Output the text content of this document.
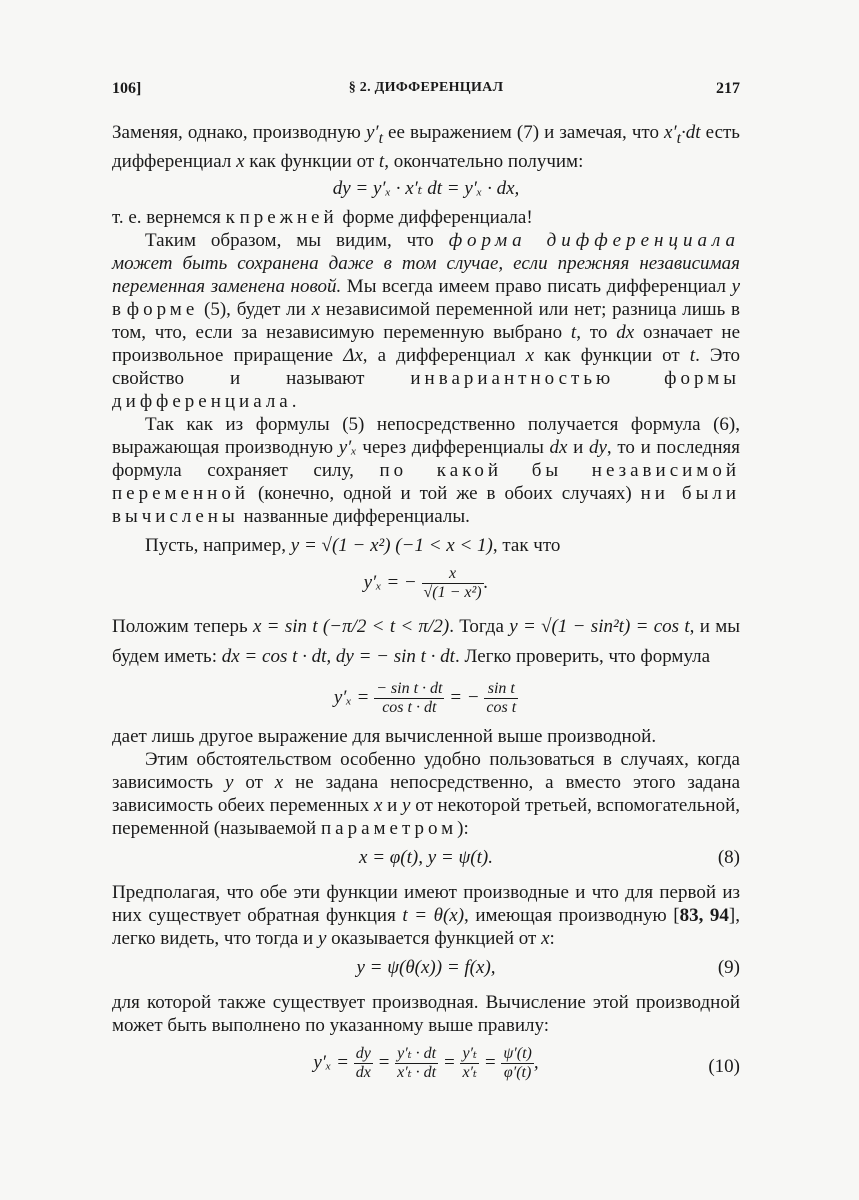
106]	§ 2. ДИФФЕРЕНЦИАЛ	217

Заменяя, однако, производную $y'_t$ ее выражением (7) и замечая, что $x'_t\cdot dt$ есть дифференциал x как функции от t, окончательно получим:

dy = y′ₓ · x′ₜ dt = y′ₓ · dx,

т. е. вернемся к прежней форме дифференциала!

Таким образом, мы видим, что форма дифференциала может быть сохранена даже в том случае, если прежняя независимая переменная заменена новой. Мы всегда имеем право писать дифференциал y в форме (5), будет ли x независимой переменной или нет; разница лишь в том, что, если за независимую переменную выбрано t, то dx означает не произвольное приращение Δx, а дифференциал x как функции от t. Это свойство и называют инвариантностью формы дифференциала.

Так как из формулы (5) непосредственно получается формула (6), выражающая производную y′ₓ через дифференциалы dx и dy, то и последняя формула сохраняет силу, по какой бы независимой переменной (конечно, одной и той же в обоих случаях) ни были вычислены названные дифференциалы.

Пусть, например, y = √(1 − x²) (−1 < x < 1), так что

y′ₓ = − $\frac{x}{\text{√(1 − x²)}}$ .

Положим теперь x = sin t (−π/2 < t < π/2). Тогда y = √(1 − sin²t) = cos t, и мы будем иметь: dx = cos t · dt, dy = − sin t · dt. Легко проверить, что формула

$y'_x = \frac{\text{− sin t · dt}}{\text{cos t · dt}}$ = − $\frac{\text{sin t}}{\text{cos t}}$

дает лишь другое выражение для вычисленной выше производной.

Этим обстоятельством особенно удобно пользоваться в случаях, когда зависимость y от x не задана непосредственно, а вместо этого задана зависимость обеих переменных x и y от некоторой третьей, вспомогательной, переменной (называемой параметром):

x = φ(t), y = ψ(t).	(8)

Предполагая, что обе эти функции имеют производные и что для первой из них существует обратная функция t = θ(x), имеющая производную [83, 94], легко видеть, что тогда и y оказывается функцией от x:

y = ψ(θ(x)) = f(x),	(9)

для которой также существует производная. Вычисление этой производной может быть выполнено по указанному выше правилу:

$y'_x = \frac{dy}{dx} = \frac{\text{y′ₜ · dt}}{\text{x′ₜ · dt}} = \frac{\text{y′ₜ}}{\text{x′ₜ}} = \frac{\psi'(t)}{\varphi'(t)}$ ,	(10)
